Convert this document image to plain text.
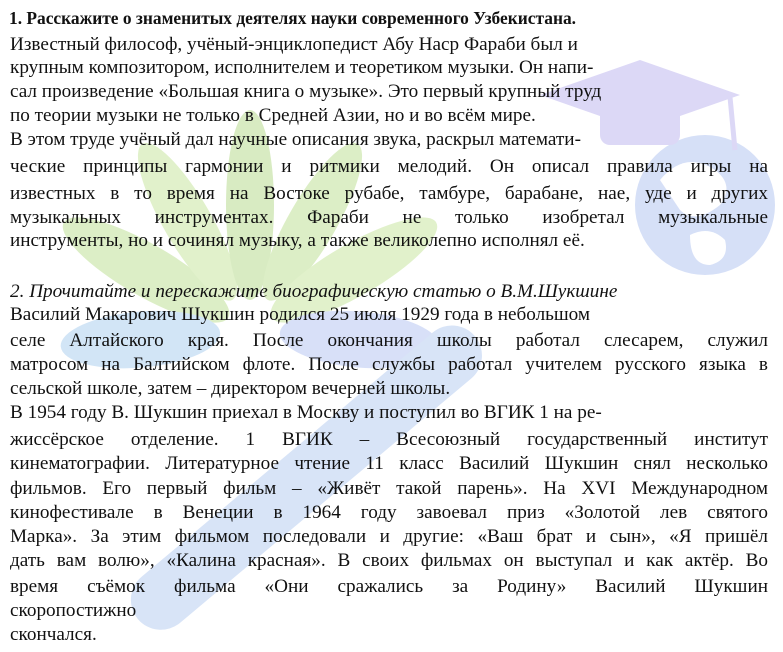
1. Расскажите о знаменитых деятелях науки современного Узбекистана.
Известный философ, учёный-энциклопедист Абу Наср Фараби был и
крупным композитором, исполнителем и теоретиком музыки. Он напи-
сал произведение «Большая книга о музыке». Это первый крупный труд
по теории музыки не только в Средней Азии, но и во всём мире.
В этом труде учёный дал научные описания звука, раскрыл математи-
ческие принципы гармонии и ритмики мелодий. Он описал правила игры на
известных в то время на Востоке рубабе, тамбуре, барабане, нае, уде и других
музыкальных инструментах. Фараби не только изобретал музыкальные
инструменты, но и сочинял музыку, а также великолепно исполнял её.
2. Прочитайте и перескажите биографическую статью о В.М.Шукшине
Василий Макарович Шукшин родился 25 июля 1929 года в небольшом
селе Алтайского края. После окончания школы работал слесарем, служил
матросом на Балтийском флоте. После службы работал учителем русского языка в
сельской школе, затем – директором вечерней школы.
В 1954 году В. Шукшин приехал в Москву и поступил во ВГИК 1 на ре-
жиссёрское отделение. 1 ВГИК – Всесоюзный государственный институт
кинематографии. Литературное чтение 11 класс Василий Шукшин снял несколько
фильмов. Его первый фильм – «Живёт такой парень». На XVI Международном
кинофестивале в Венеции в 1964 году завоевал приз «Золотой лев святого
Марка». За этим фильмом последовали и другие: «Ваш брат и сын», «Я пришёл
дать вам волю», «Калина красная». В своих фильмах он выступал и как актёр. Во
время съёмок фильма «Они сражались за Родину» Василий Шукшин
скоропостижно
скончался.
